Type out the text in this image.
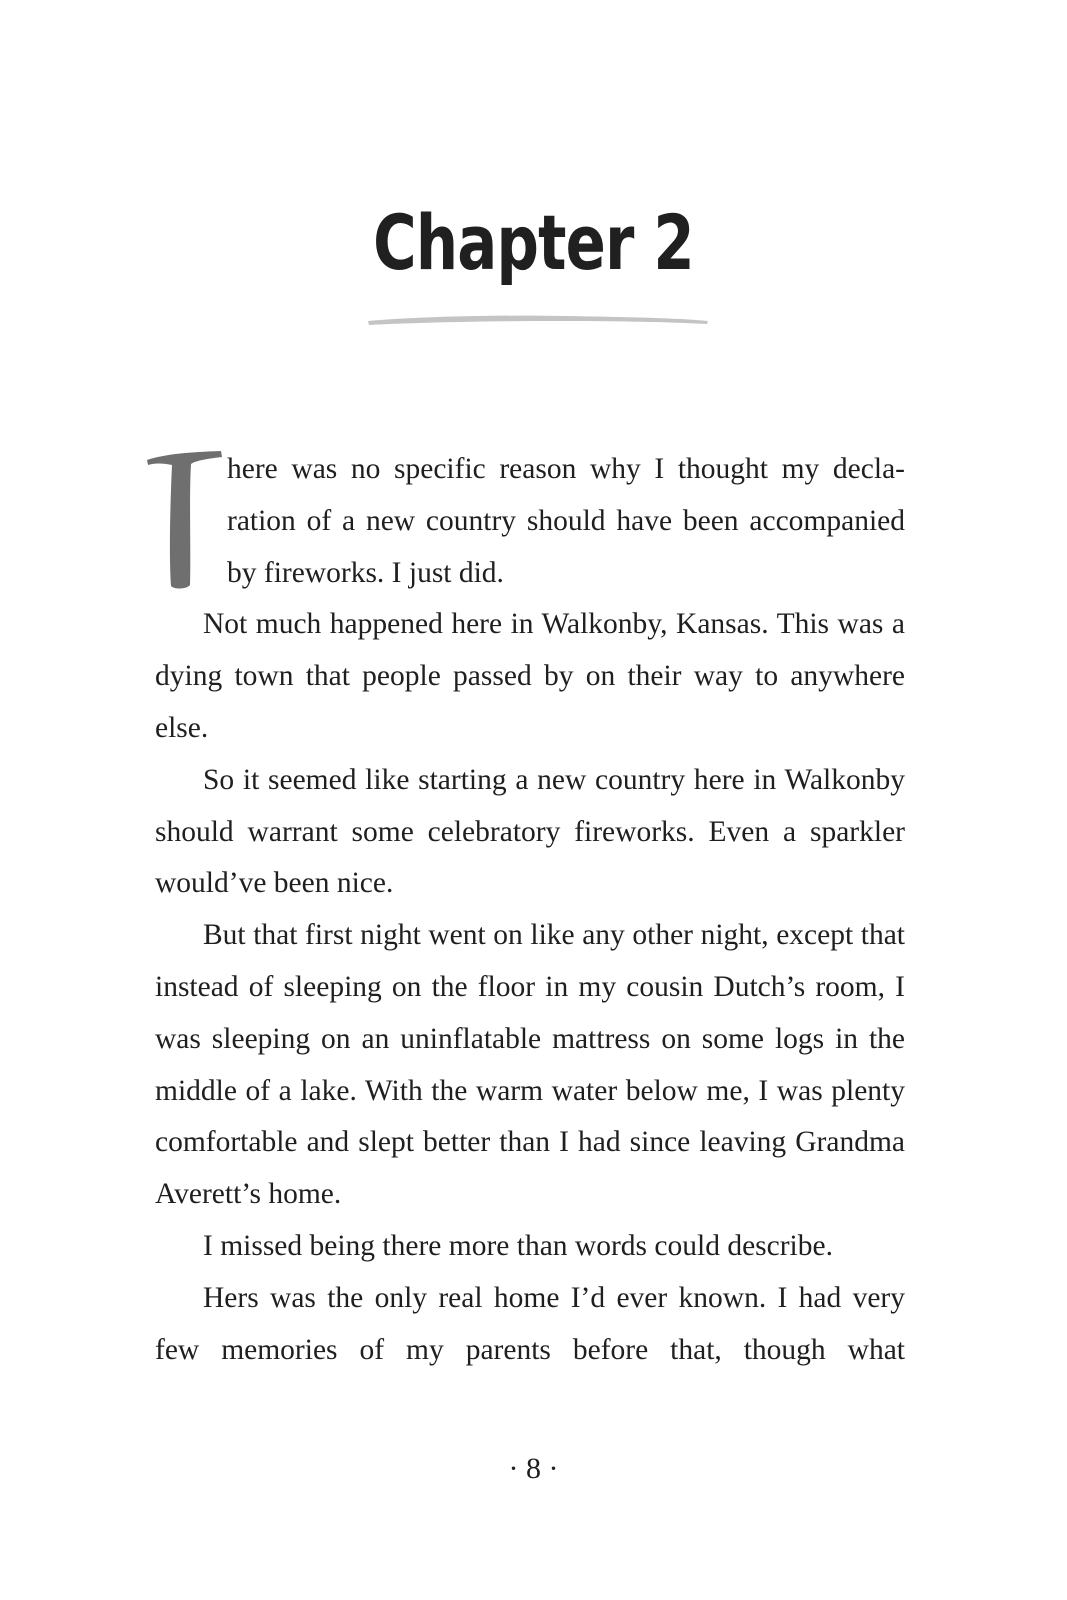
Chapter 2

here was no specific reason why I thought my declaration of a new country should have been accompanied by fireworks. I just did.

Not much happened here in Walkonby, Kansas. This was a dying town that people passed by on their way to anywhere else.

So it seemed like starting a new country here in Walkonby should warrant some celebratory fireworks. Even a sparkler would’ve been nice.

But that first night went on like any other night, except that instead of sleeping on the floor in my cousin Dutch’s room, I was sleeping on an uninflatable mattress on some logs in the middle of a lake. With the warm water below me, I was plenty comfortable and slept better than I had since leaving Grandma Averett’s home.

I missed being there more than words could describe.

Hers was the only real home I’d ever known. I had very few memories of my parents before that, though what

· 8 ·
